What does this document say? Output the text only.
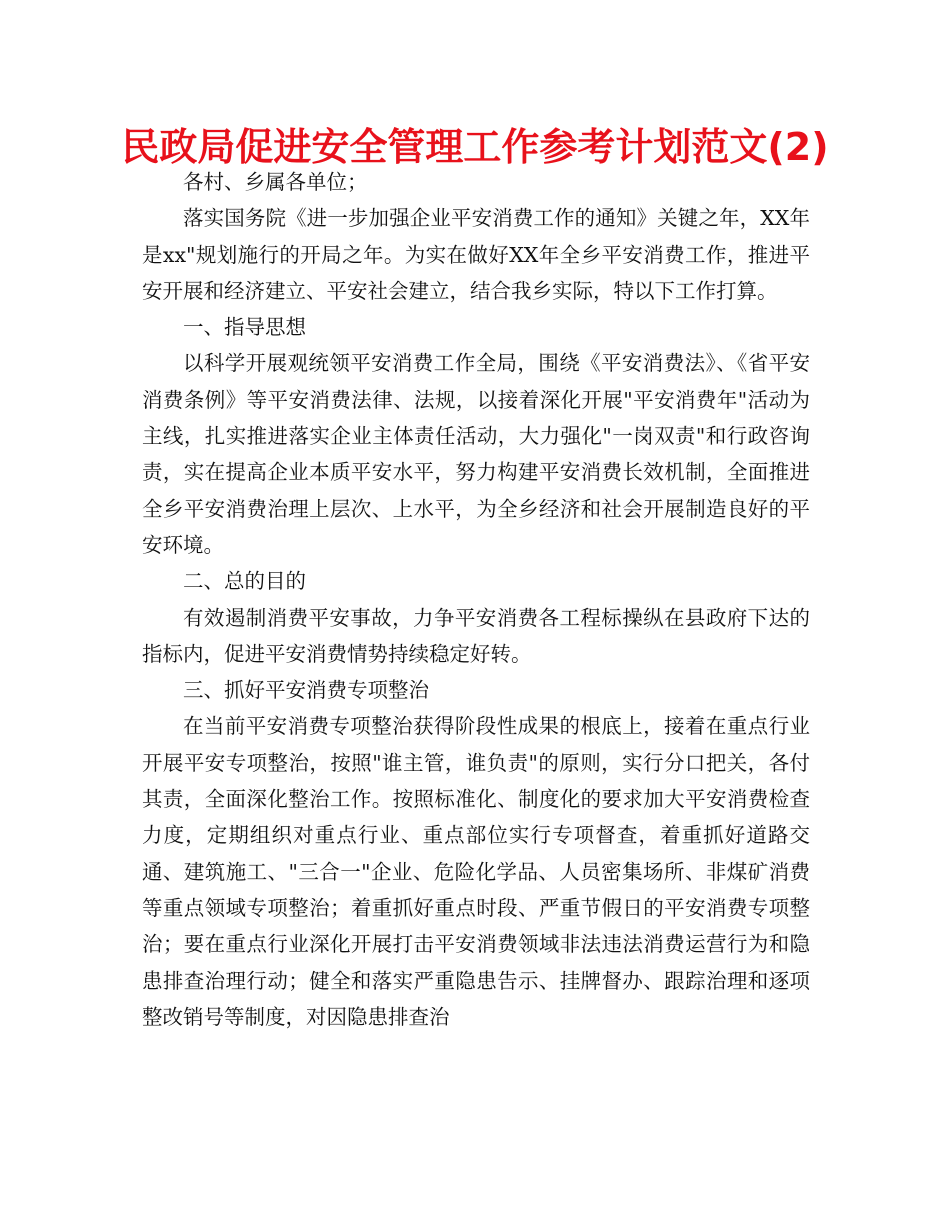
民政局促进安全管理工作参考计划范文(2)

各村、乡属各单位；

落实国务院《进一步加强企业平安消费工作的通知》关键之年，XX年是xx"规划施行的开局之年。为实在做好XX年全乡平安消费工作，推进平安开展和经济建立、平安社会建立，结合我乡实际，特以下工作打算。

一、指导思想

以科学开展观统领平安消费工作全局，围绕《平安消费法》、《省平安消费条例》等平安消费法律、法规，以接着深化开展"平安消费年"活动为主线，扎实推进落实企业主体责任活动，大力强化"一岗双责"和行政咨询责，实在提高企业本质平安水平，努力构建平安消费长效机制，全面推进全乡平安消费治理上层次、上水平，为全乡经济和社会开展制造良好的平安环境。

二、总的目的

有效遏制消费平安事故，力争平安消费各工程标操纵在县政府下达的指标内，促进平安消费情势持续稳定好转。

三、抓好平安消费专项整治

在当前平安消费专项整治获得阶段性成果的根底上，接着在重点行业开展平安专项整治，按照"谁主管，谁负责"的原则，实行分口把关，各付其责，全面深化整治工作。按照标准化、制度化的要求加大平安消费检查力度，定期组织对重点行业、重点部位实行专项督查，着重抓好道路交通、建筑施工、"三合一"企业、危险化学品、人员密集场所、非煤矿消费等重点领域专项整治；着重抓好重点时段、严重节假日的平安消费专项整治；要在重点行业深化开展打击平安消费领域非法违法消费运营行为和隐患排查治理行动；健全和落实严重隐患告示、挂牌督办、跟踪治理和逐项整改销号等制度，对因隐患排查治
